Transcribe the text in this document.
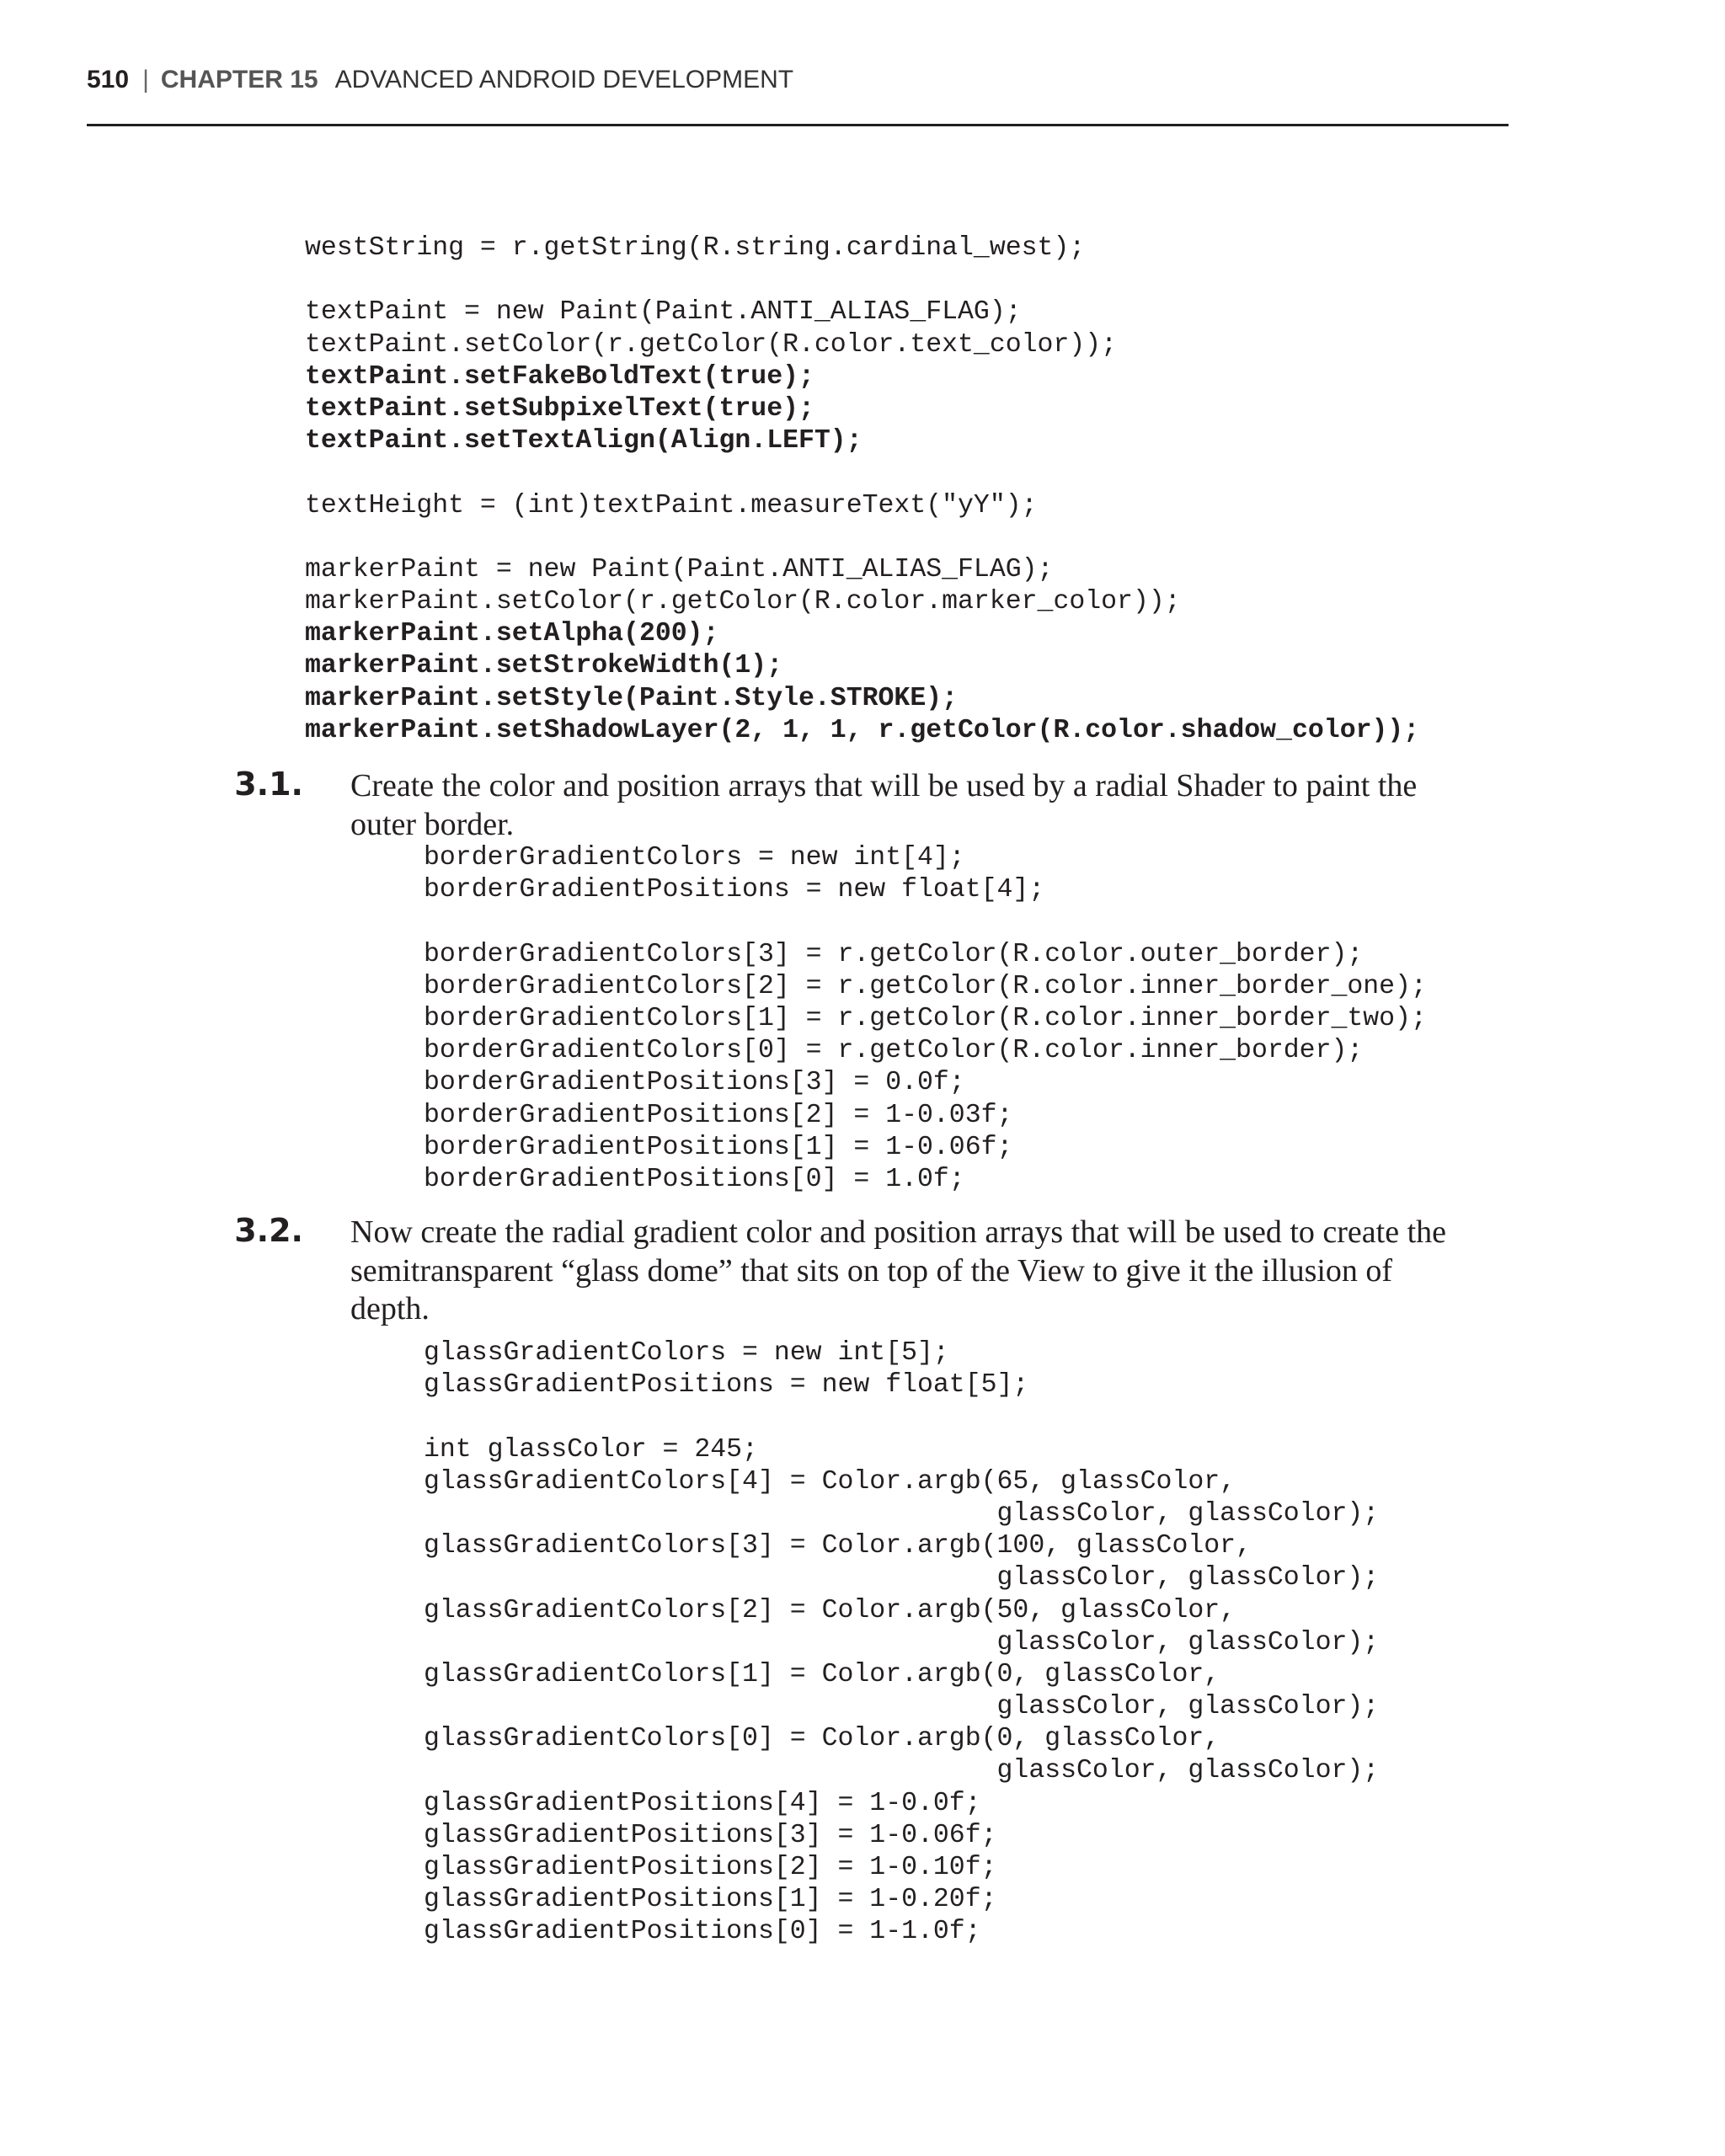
510 | CHAPTER 15 ADVANCED ANDROID DEVELOPMENT
westString = r.getString(R.string.cardinal_west);
textPaint = new Paint(Paint.ANTI_ALIAS_FLAG);
textPaint.setColor(r.getColor(R.color.text_color));
textPaint.setFakeBoldText(true);
textPaint.setSubpixelText(true);
textPaint.setTextAlign(Align.LEFT);
textHeight = (int)textPaint.measureText("yY");
markerPaint = new Paint(Paint.ANTI_ALIAS_FLAG);
markerPaint.setColor(r.getColor(R.color.marker_color));
markerPaint.setAlpha(200);
markerPaint.setStrokeWidth(1);
markerPaint.setStyle(Paint.Style.STROKE);
markerPaint.setShadowLayer(2, 1, 1, r.getColor(R.color.shadow_color));
3.1. Create the color and position arrays that will be used by a radial Shader to paint the outer border.
borderGradientColors = new int[4];
borderGradientPositions = new float[4];
borderGradientColors[3] = r.getColor(R.color.outer_border);
borderGradientColors[2] = r.getColor(R.color.inner_border_one);
borderGradientColors[1] = r.getColor(R.color.inner_border_two);
borderGradientColors[0] = r.getColor(R.color.inner_border);
borderGradientPositions[3] = 0.0f;
borderGradientPositions[2] = 1-0.03f;
borderGradientPositions[1] = 1-0.06f;
borderGradientPositions[0] = 1.0f;
3.2. Now create the radial gradient color and position arrays that will be used to create the semitransparent “glass dome” that sits on top of the View to give it the illusion of depth.
glassGradientColors = new int[5];
glassGradientPositions = new float[5];
int glassColor = 245;
glassGradientColors[4] = Color.argb(65, glassColor,
glassColor, glassColor);
glassGradientColors[3] = Color.argb(100, glassColor,
glassColor, glassColor);
glassGradientColors[2] = Color.argb(50, glassColor,
glassColor, glassColor);
glassGradientColors[1] = Color.argb(0, glassColor,
glassColor, glassColor);
glassGradientColors[0] = Color.argb(0, glassColor,
glassColor, glassColor);
glassGradientPositions[4] = 1-0.0f;
glassGradientPositions[3] = 1-0.06f;
glassGradientPositions[2] = 1-0.10f;
glassGradientPositions[1] = 1-0.20f;
glassGradientPositions[0] = 1-1.0f;
